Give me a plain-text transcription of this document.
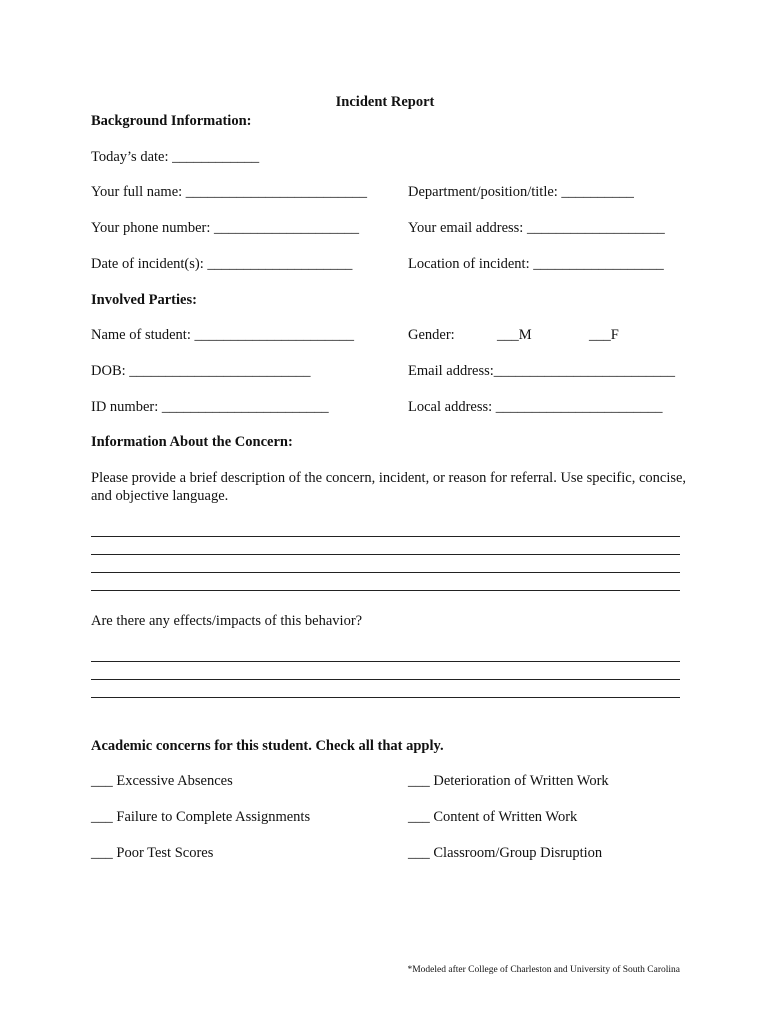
Incident Report
Background Information:
Today’s date: ____________
Your full name: _________________________	Department/position/title: __________
Your phone number: ____________________	Your email address: ___________________
Date of incident(s): ____________________	Location of incident: __________________
Involved Parties:
Name of student: ______________________	Gender:	___M	___F
DOB: _________________________	Email address:_________________________
ID number: _______________________	Local address: _______________________
Information About the Concern:
Please provide a brief description of the concern, incident, or reason for referral. Use specific, concise, and objective language.
Are there any effects/impacts of this behavior?
Academic concerns for this student. Check all that apply.
___ Excessive Absences	___ Deterioration of Written Work
___ Failure to Complete Assignments	___ Content of Written Work
___ Poor Test Scores	___ Classroom/Group Disruption
*Modeled after College of Charleston and University of South Carolina
